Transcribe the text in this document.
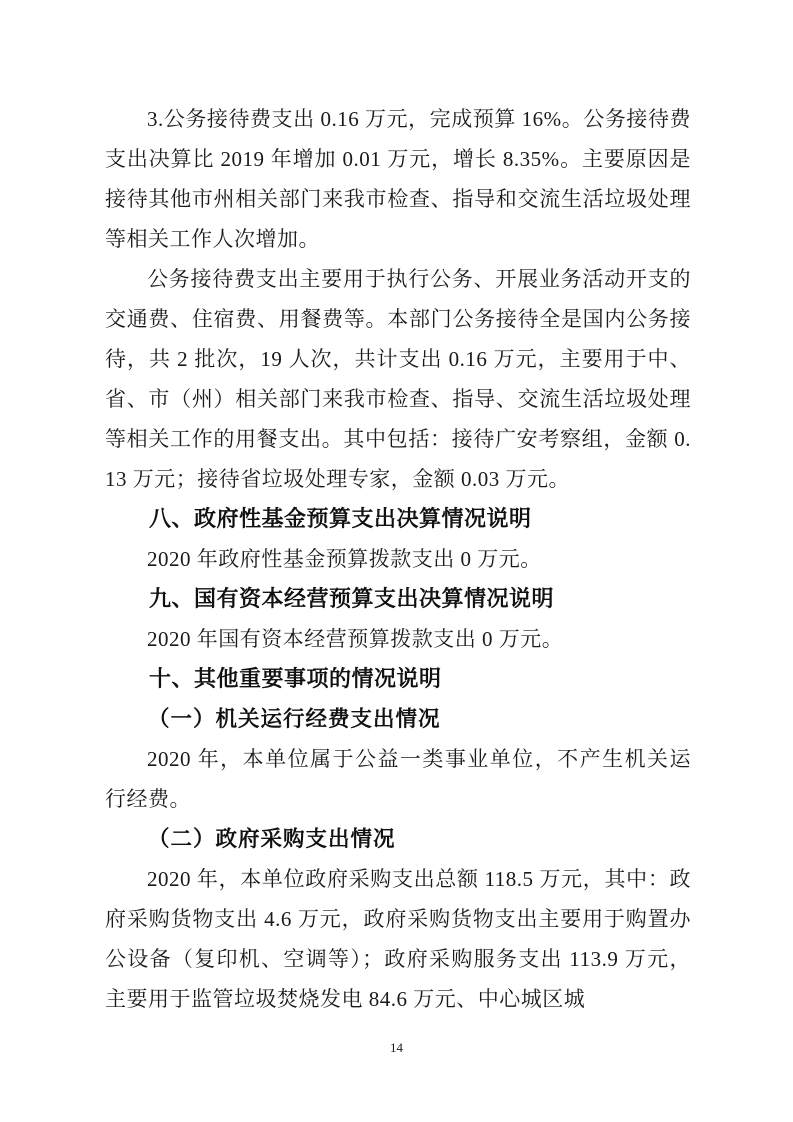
3.公务接待费支出 0.16 万元，完成预算 16%。公务接待费支出决算比 2019 年增加 0.01 万元，增长 8.35%。主要原因是接待其他市州相关部门来我市检查、指导和交流生活垃圾处理等相关工作人次增加。

公务接待费支出主要用于执行公务、开展业务活动开支的交通费、住宿费、用餐费等。本部门公务接待全是国内公务接待，共 2 批次，19 人次，共计支出 0.16 万元，主要用于中、省、市（州）相关部门来我市检查、指导、交流生活垃圾处理等相关工作的用餐支出。其中包括：接待广安考察组，金额 0.13 万元；接待省垃圾处理专家，金额 0.03 万元。

八、政府性基金预算支出决算情况说明

2020 年政府性基金预算拨款支出 0 万元。

九、国有资本经营预算支出决算情况说明

2020 年国有资本经营预算拨款支出 0 万元。

十、其他重要事项的情况说明
（一）机关运行经费支出情况

2020 年，本单位属于公益一类事业单位，不产生机关运行经费。

（二）政府采购支出情况

2020 年，本单位政府采购支出总额 118.5 万元，其中：政府采购货物支出 4.6 万元，政府采购货物支出主要用于购置办公设备（复印机、空调等）；政府采购服务支出 113.9 万元，主要用于监管垃圾焚烧发电 84.6 万元、中心城区城

14
